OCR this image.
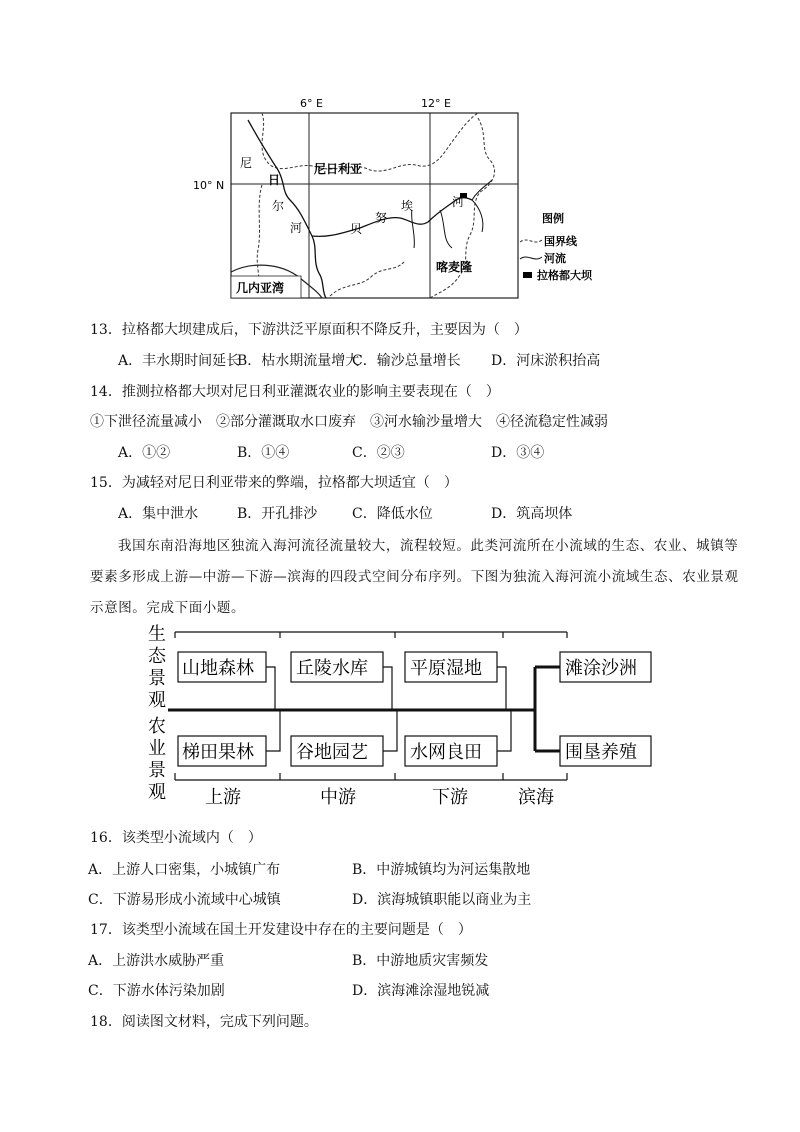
6° E	12° E
10° N
尼
日
尔
河
尼日利亚
贝
努
埃	河
喀麦隆
几内亚湾
图例
国界线
河流
拉格都大坝
13．拉格都大坝建成后，下游洪泛平原面积不降反升，主要因为（　）
A．丰水期时间延长
B．枯水期流量增大
C．输沙总量增长 D．河床淤积抬高
14．推测拉格都大坝对尼日利亚灌溉农业的影响主要表现在（　）
①下泄径流量减小　②部分灌溉取水口废弃　③河水输沙量增大　④径流稳定性减弱
A．①②	B．①④	C．②③	D．③④
15．为减轻对尼日利亚带来的弊端，拉格都大坝适宜（　）
A．集中泄水	B．开孔排沙 C．降低水位	D．筑高坝体
我国东南沿海地区独流入海河流径流量较大，流程较短。此类河流所在小流域的生态、农业、城镇等
要素多形成上游—中游—下游—滨海的四段式空间分布序列。下图为独流入海河流小流域生态、农业景观
示意图。完成下面小题。
生
态
景
观
农
业
景
观
山地森林 丘陵水库 平原湿地	滩涂沙洲
梯田果林 谷地园艺 水网良田	围垦养殖
上游	中游	下游	滨海
16．该类型小流域内（　）
A．上游人口密集，小城镇广布	B．中游城镇均为河运集散地
C．下游易形成小流域中心城镇	D．滨海城镇职能以商业为主
17．该类型小流域在国土开发建设中存在的主要问题是（　）
A．上游洪水威胁严重	B．中游地质灾害频发
C．下游水体污染加剧	D．滨海滩涂湿地锐减
18．阅读图文材料，完成下列问题。
